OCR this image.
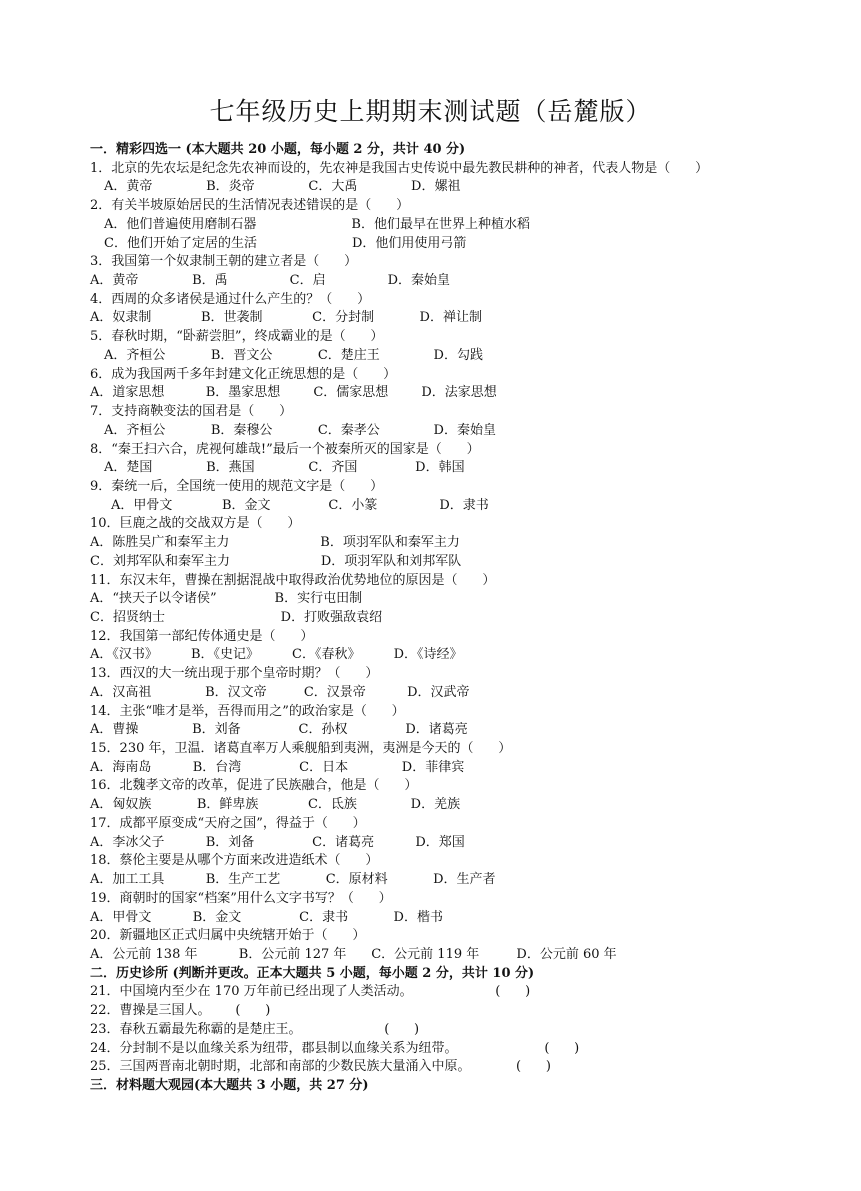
七年级历史上期期末测试题（岳麓版）
一．精彩四选一 (本大题共 20 小题，每小题 2 分，共计 40 分)
1．北京的先农坛是纪念先农神而设的，先农神是我国古史传说中最先教民耕种的神者，代表人物是（      ）
A．黄帝             B．炎帝             C．大禹             D．嫘祖
2．有关半坡原始居民的生活情况表述错误的是（      ）
A．他们普遍使用磨制石器                       B．他们最早在世界上种植水稻
C．他们开始了定居的生活                       D．他们用使用弓箭
3．我国第一个奴隶制王朝的建立者是（      ）
A．黄帝             B．禹               C．启               D．秦始皇
4．西周的众多诸侯是通过什么产生的？（      ）
A．奴隶制            B．世袭制            C．分封制           D．禅让制
5．春秋时期，“卧薪尝胆”，终成霸业的是（      ）
A．齐桓公           B．晋文公           C．楚庄王             D．勾践
6．成为我国两千多年封建文化正统思想的是（      ）
A．道家思想          B．墨家思想        C．儒家思想        D．法家思想
7．支持商鞅变法的国君是（      ）
A．齐桓公           B．秦穆公           C．秦孝公             D．秦始皇
8．“秦王扫六合，虎视何雄哉!”最后一个被秦所灭的国家是（      ）
A．楚国             B．燕国             C．齐国              D．韩国
9．秦统一后，全国统一使用的规范文字是（      ）
A．甲骨文            B．金文              C．小篆               D．隶书
10．巨鹿之战的交战双方是（      ）
A．陈胜吴广和秦军主力                      B．项羽军队和秦军主力
C．刘邦军队和秦军主力                      D．项羽军队和刘邦军队
11．东汉末年，曹操在割据混战中取得政治优势地位的原因是（      ）
A．“挟天子以令诸侯”              B．实行屯田制
C．招贤纳士                            D．打败强敌袁绍
12．我国第一部纪传体通史是（      ）
A．《汉书》        B．《史记》        C．《春秋》        D．《诗经》
13．西汉的大一统出现于那个皇帝时期？（      ）
A．汉高祖             B．汉文帝         C．汉景帝          D．汉武帝
14．主张“唯才是举，吾得而用之”的政治家是（      ）
A．曹操             B．刘备              C．孙权              D．诸葛亮
15．230 年，卫温．诸葛直率万人乘舰船到夷洲，夷洲是今天的（      ）
A．海南岛          B．台湾              C．日本             D．菲律宾
16．北魏孝文帝的改革，促进了民族融合，他是（      ）
A．匈奴族           B．鲜卑族            C．氐族             D．羌族
17．成都平原变成“天府之国”，得益于（      ）
A．李冰父子          B．刘备              C．诸葛亮          D．郑国
18．蔡伦主要是从哪个方面来改进造纸术（      ）
A．加工工具          B．生产工艺           C．原材料           D．生产者
19．商朝时的国家“档案”用什么文字书写？（      ）
A．甲骨文          B．金文              C．隶书           D．楷书
20．新疆地区正式归属中央统辖开始于（      ）
A．公元前 138 年          B．公元前 127 年      C．公元前 119 年         D．公元前 60 年
二．历史诊所 (判断并更改。正本大题共 5 小题，每小题 2 分，共计 10 分)
21．中国境内至少在 170 万年前已经出现了人类活动。                    (      )
22．曹操是三国人。      (      )
23．春秋五霸最先称霸的是楚庄王。                    (      )
24．分封制不是以血缘关系为纽带，郡县制以血缘关系为纽带。                     (      )
25．三国两晋南北朝时期，北部和南部的少数民族大量涌入中原。           (      )
三．材料题大观园(本大题共 3 小题，共 27 分)
